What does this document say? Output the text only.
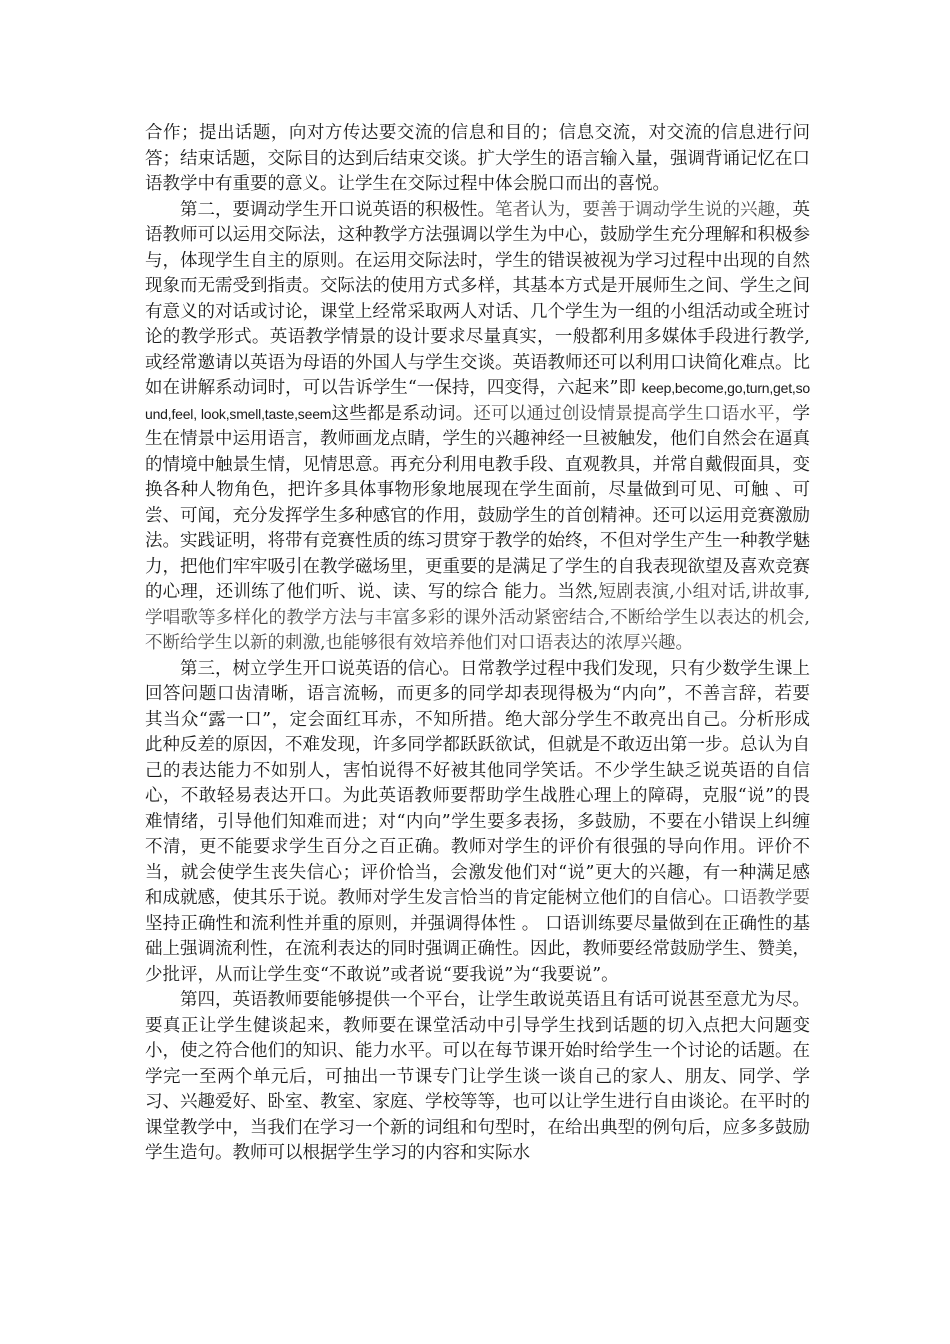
合作；提出话题，向对方传达要交流的信息和目的；信息交流，对交流的信息进行问答；结束话题，交际目的达到后结束交谈。扩大学生的语言输入量，强调背诵记忆在口语教学中有重要的意义。让学生在交际过程中体会脱口而出的喜悦。

第二，要调动学生开口说英语的积极性。笔者认为，要善于调动学生说的兴趣，英语教师可以运用交际法，这种教学方法强调以学生为中心，鼓励学生充分理解和积极参与，体现学生自主的原则。在运用交际法时，学生的错误被视为学习过程中出现的自然现象而无需受到指责。交际法的使用方式多样，其基本方式是开展师生之间、学生之间有意义的对话或讨论，课堂上经常采取两人对话、几个学生为一组的小组活动或全班讨论的教学形式。英语教学情景的设计要求尽量真实，一般都利用多媒体手段进行教学,或经常邀请以英语为母语的外国人与学生交谈。英语教师还可以利用口诀简化难点。比如在讲解系动词时，可以告诉学生“一保持，四变得，六起来”即 keep,become,go,turn,get,sound,feel, look,smell,taste,seem这些都是系动词。还可以通过创设情景提高学生口语水平，学生在情景中运用语言，教师画龙点睛，学生的兴趣神经一旦被触发，他们自然会在逼真的情境中触景生情，见情思意。再充分利用电教手段、直观教具，并常自戴假面具，变换各种人物角色，把许多具体事物形象地展现在学生面前，尽量做到可见、可触 、可尝、可闻，充分发挥学生多种感官的作用，鼓励学生的首创精神。还可以运用竞赛激励法。实践证明，将带有竞赛性质的练习贯穿于教学的始终，不但对学生产生一种教学魅力，把他们牢牢吸引在教学磁场里，更重要的是满足了学生的自我表现欲望及喜欢竞赛的心理，还训练了他们听、说、读、写的综合 能力。当然,短剧表演,小组对话,讲故事,学唱歌等多样化的教学方法与丰富多彩的课外活动紧密结合,不断给学生以表达的机会,不断给学生以新的刺激,也能够很有效培养他们对口语表达的浓厚兴趣。

第三，树立学生开口说英语的信心。日常教学过程中我们发现，只有少数学生课上回答问题口齿清晰，语言流畅，而更多的同学却表现得极为“内向”，不善言辞，若要其当众“露一口”，定会面红耳赤，不知所措。绝大部分学生不敢亮出自己。分析形成此种反差的原因，不难发现，许多同学都跃跃欲试，但就是不敢迈出第一步。总认为自己的表达能力不如别人，害怕说得不好被其他同学笑话。不少学生缺乏说英语的自信心，不敢轻易表达开口。为此英语教师要帮助学生战胜心理上的障碍，克服“说”的畏难情绪，引导他们知难而进；对“内向”学生要多表扬，多鼓励，不要在小错误上纠缠不清，更不能要求学生百分之百正确。教师对学生的评价有很强的导向作用。评价不当，就会使学生丧失信心；评价恰当，会激发他们对“说”更大的兴趣，有一种满足感和成就感，使其乐于说。教师对学生发言恰当的肯定能树立他们的自信心。口语教学要坚持正确性和流利性并重的原则，并强调得体性 。 口语训练要尽量做到在正确性的基础上强调流利性，在流利表达的同时强调正确性。因此，教师要经常鼓励学生、赞美，少批评，从而让学生变“不敢说”或者说“要我说”为“我要说”。

第四，英语教师要能够提供一个平台，让学生敢说英语且有话可说甚至意尤为尽。要真正让学生健谈起来，教师要在课堂活动中引导学生找到话题的切入点把大问题变小，使之符合他们的知识、能力水平。可以在每节课开始时给学生一个讨论的话题。在学完一至两个单元后，可抽出一节课专门让学生谈一谈自己的家人、朋友、同学、学习、兴趣爱好、卧室、教室、家庭、学校等等，也可以让学生进行自由谈论。在平时的课堂教学中，当我们在学习一个新的词组和句型时，在给出典型的例句后，应多多鼓励学生造句。教师可以根据学生学习的内容和实际水
